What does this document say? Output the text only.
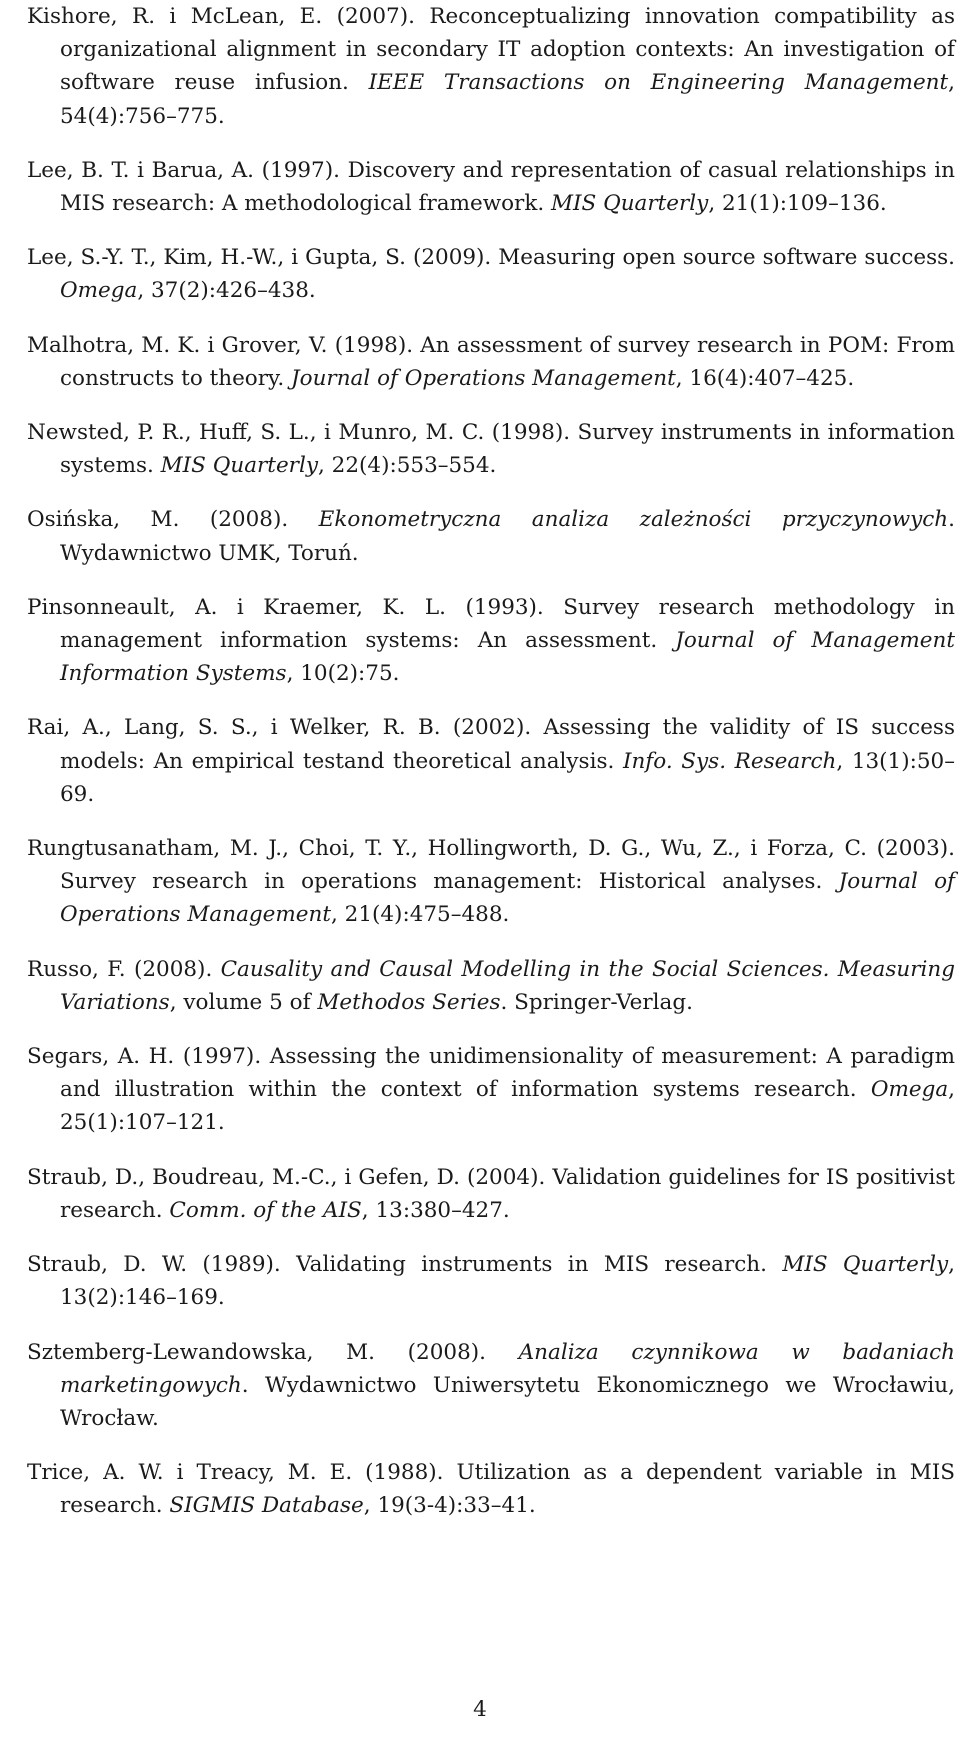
Kishore, R. i McLean, E. (2007). Reconceptualizing innovation compatibility as organizational alignment in secondary IT adoption contexts: An investigation of software reuse infusion. IEEE Transactions on Engineering Management, 54(4):756–775.

Lee, B. T. i Barua, A. (1997). Discovery and representation of casual relationships in MIS research: A methodological framework. MIS Quarterly, 21(1):109–136.

Lee, S.-Y. T., Kim, H.-W., i Gupta, S. (2009). Measuring open source software success. Omega, 37(2):426–438.

Malhotra, M. K. i Grover, V. (1998). An assessment of survey research in POM: From constructs to theory. Journal of Operations Management, 16(4):407–425.

Newsted, P. R., Huff, S. L., i Munro, M. C. (1998). Survey instruments in information systems. MIS Quarterly, 22(4):553–554.

Osińska, M. (2008). Ekonometryczna analiza zależności przyczynowych. Wydawnictwo UMK, Toruń.

Pinsonneault, A. i Kraemer, K. L. (1993). Survey research methodology in management information systems: An assessment. Journal of Management Information Systems, 10(2):75.

Rai, A., Lang, S. S., i Welker, R. B. (2002). Assessing the validity of IS success models: An empirical testand theoretical analysis. Info. Sys. Research, 13(1):50–69.

Rungtusanatham, M. J., Choi, T. Y., Hollingworth, D. G., Wu, Z., i Forza, C. (2003). Survey research in operations management: Historical analyses. Journal of Operations Management, 21(4):475–488.

Russo, F. (2008). Causality and Causal Modelling in the Social Sciences. Measuring Variations, volume 5 of Methodos Series. Springer-Verlag.

Segars, A. H. (1997). Assessing the unidimensionality of measurement: A paradigm and illustration within the context of information systems research. Omega, 25(1):107–121.

Straub, D., Boudreau, M.-C., i Gefen, D. (2004). Validation guidelines for IS positivist research. Comm. of the AIS, 13:380–427.

Straub, D. W. (1989). Validating instruments in MIS research. MIS Quarterly, 13(2):146–169.

Sztemberg-Lewandowska, M. (2008). Analiza czynnikowa w badaniach marketingowych. Wydawnictwo Uniwersytetu Ekonomicznego we Wrocławiu, Wrocław.

Trice, A. W. i Treacy, M. E. (1988). Utilization as a dependent variable in MIS research. SIGMIS Database, 19(3-4):33–41.

4
